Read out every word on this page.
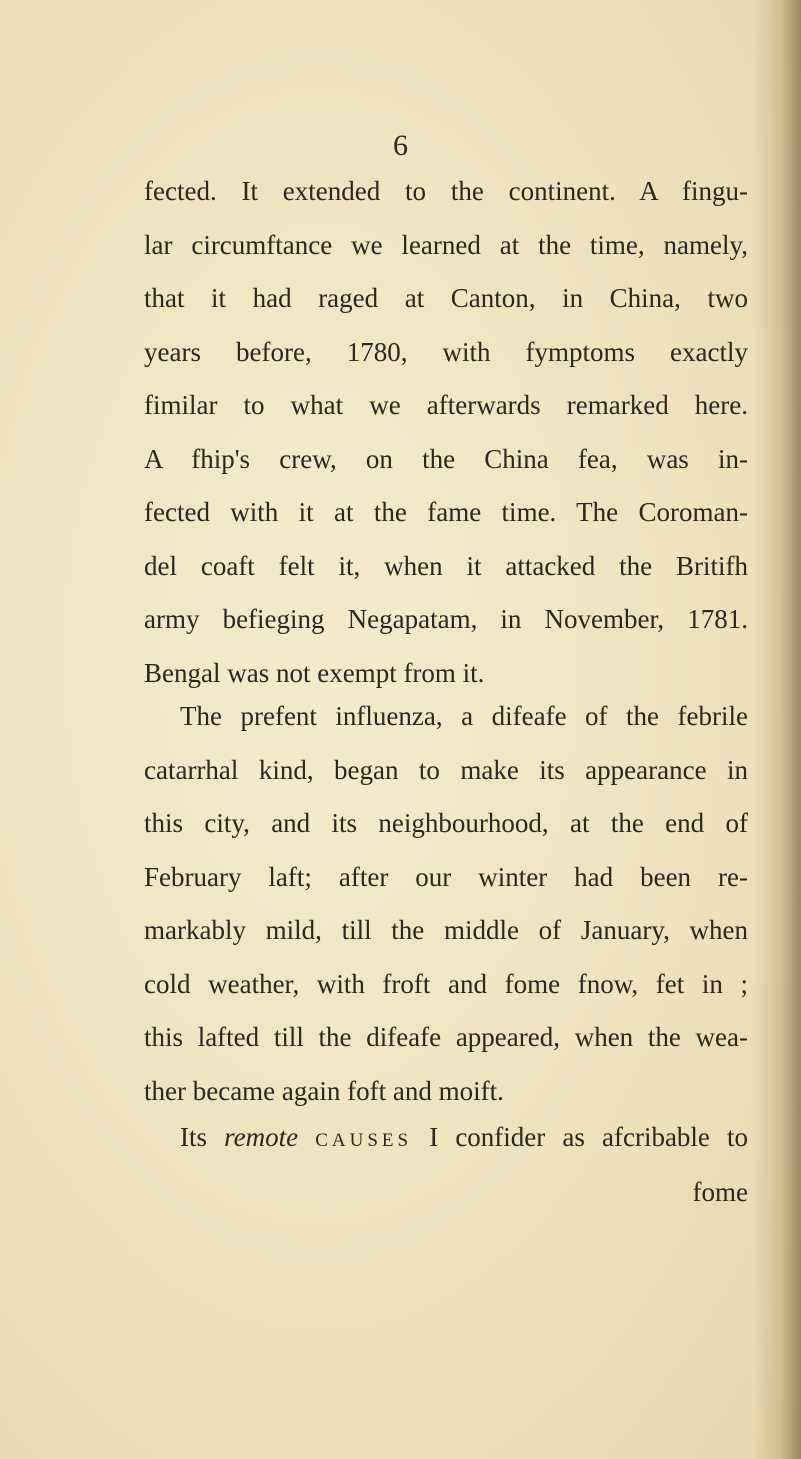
6

fected. It extended to the continent. A fingu-
lar circumftance we learned at the time, namely,
that it had raged at Canton, in China, two
years before, 1780, with fymptoms exactly
fimilar to what we afterwards remarked here.
A fhip's crew, on the China fea, was in-
fected with it at the fame time. The Coroman-
del coaft felt it, when it attacked the Britifh
army befieging Negapatam, in November, 1781.
Bengal was not exempt from it.

The prefent influenza, a difeafe of the febrile
catarrhal kind, began to make its appearance in
this city, and its neighbourhood, at the end of
February laft; after our winter had been re-
markably mild, till the middle of January, when
cold weather, with froft and fome fnow, fet in ;
this lafted till the difeafe appeared, when the wea-
ther became again foft and moift.

Its remote CAUSES I confider as afcribable to

fome
